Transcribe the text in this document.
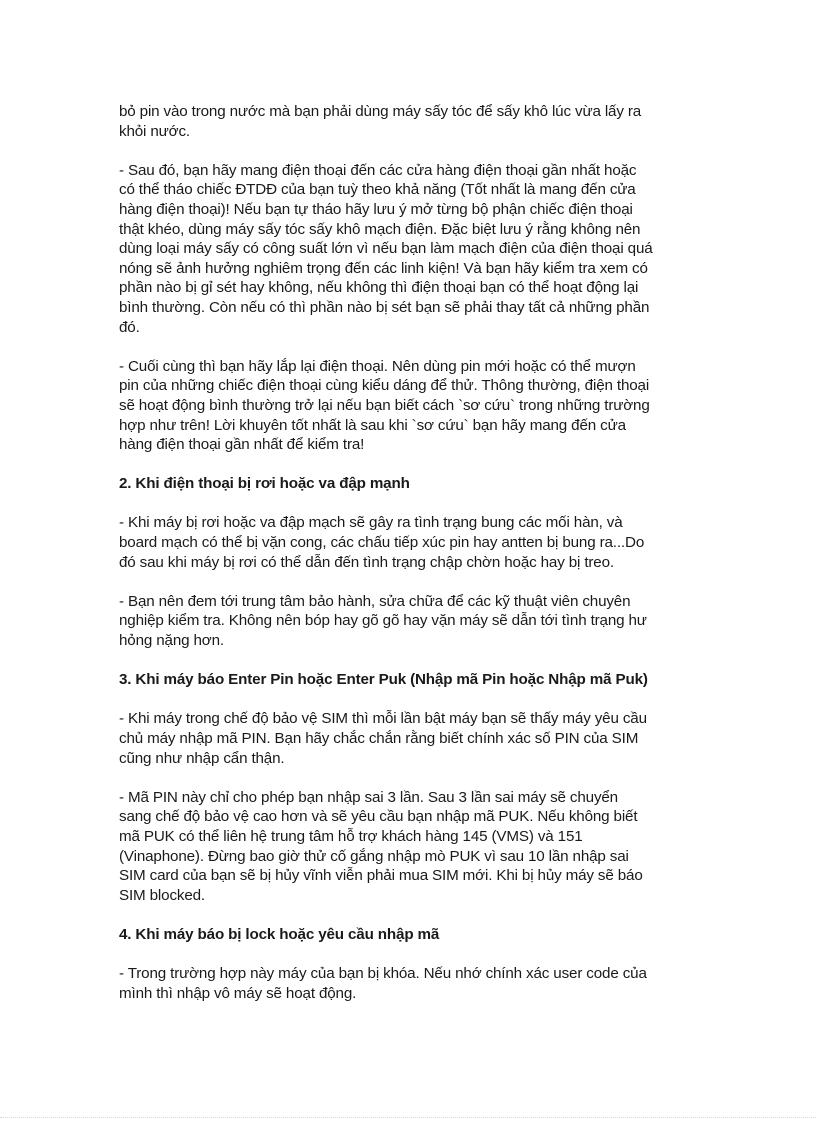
bỏ pin vào trong nước mà bạn phải dùng máy sấy tóc để sấy khô lúc vừa lấy ra
khỏi nước.

- Sau đó, bạn hãy mang điện thoại đến các cửa hàng điện thoại gần nhất hoặc
có thể tháo chiếc ĐTDĐ của bạn tuỳ theo khả năng (Tốt nhất là mang đến cửa
hàng điện thoại)! Nếu bạn tự tháo hãy lưu ý mở từng bộ phận chiếc điện thoại
thật khéo, dùng máy sấy tóc sấy khô mạch điện. Đặc biệt lưu ý rằng không nên
dùng loại máy sấy có công suất lớn vì nếu bạn làm mạch điện của điện thoại quá
nóng sẽ ảnh hưởng nghiêm trọng đến các linh kiện! Và bạn hãy kiểm tra xem có
phần nào bị gỉ sét hay không, nếu không thì điện thoại bạn có thể hoạt động lại
bình thường. Còn nếu có thì phần nào bị sét bạn sẽ phải thay tất cả những phần
đó.

- Cuối cùng thì bạn hãy lắp lại điện thoại. Nên dùng pin mới hoặc có thể mượn
pin của những chiếc điện thoại cùng kiểu dáng để thử. Thông thường, điện thoại
sẽ hoạt động bình thường trở lại nếu bạn biết cách `sơ cứu` trong những trường
hợp như trên! Lời khuyên tốt nhất là sau khi `sơ cứu` bạn hãy mang đến cửa
hàng điện thoại gần nhất để kiểm tra!

2. Khi điện thoại bị rơi hoặc va đập mạnh

- Khi máy bị rơi hoặc va đập mạch sẽ gây ra tình trạng bung các mối hàn, và
board mạch có thể bị vặn cong, các chấu tiếp xúc pin hay antten bị bung ra...Do
đó sau khi máy bị rơi có thể dẫn đến tình trạng chập chờn hoặc hay bị treo.

- Bạn nên đem tới trung tâm bảo hành, sửa chữa để các kỹ thuật viên chuyên
nghiệp kiểm tra. Không nên bóp hay gõ gõ hay vặn máy sẽ dẫn tới tình trạng hư
hỏng nặng hơn.

3. Khi máy báo Enter Pin hoặc Enter Puk (Nhập mã Pin hoặc Nhập mã Puk)

- Khi máy trong chế độ bảo vệ SIM thì mỗi lần bật máy bạn sẽ thấy máy yêu cầu
chủ máy nhập mã PIN. Bạn hãy chắc chắn rằng biết chính xác số PIN của SIM
cũng như nhập cẩn thận.

- Mã PIN này chỉ cho phép bạn nhập sai 3 lần. Sau 3 lần sai máy sẽ chuyển
sang chế độ bảo vệ cao hơn và sẽ yêu cầu bạn nhập mã PUK. Nếu không biết
mã PUK có thể liên hệ trung tâm hỗ trợ khách hàng 145 (VMS) và 151
(Vinaphone). Đừng bao giờ thử cố gắng nhập mò PUK vì sau 10 lần nhập sai
SIM card của bạn sẽ bị hủy vĩnh viễn phải mua SIM mới. Khi bị hủy máy sẽ báo
SIM blocked.

4. Khi máy báo bị lock hoặc yêu cầu nhập mã

- Trong trường hợp này máy của bạn bị khóa. Nếu nhớ chính xác user code của
mình thì nhập vô máy sẽ hoạt động.
